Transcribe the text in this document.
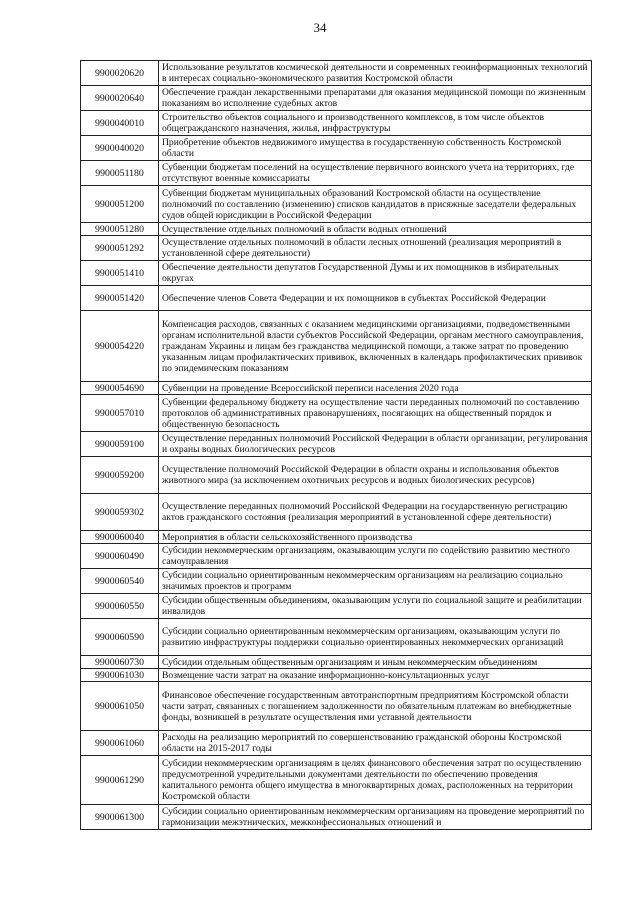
34
9900020620	Использование результатов космической деятельности и современных геоинформационных технологий в интересах социально-экономического развития Костромской области
9900020640	Обеспечение граждан лекарственными препаратами для оказания медицинской помощи по жизненным показаниям во исполнение судебных актов
9900040010	Строительство объектов социального и производственного комплексов, в том числе объектов общегражданского назначения, жилья, инфраструктуры
9900040020	Приобретение объектов недвижимого имущества в государственную собственность Костромской области
9900051180	Субвенции бюджетам поселений на осуществление первичного воинского учета на территориях, где отсутствуют военные комиссариаты
9900051200	Субвенции бюджетам муниципальных образований Костромской области на осуществление полномочий по составлению (изменению) списков кандидатов в присяжные заседатели федеральных судов общей юрисдикции в Российской Федерации
9900051280	Осуществление отдельных полномочий в области водных отношений
9900051292	Осуществление отдельных полномочий в области лесных отношений (реализация мероприятий в установленной сфере деятельности)
9900051410	Обеспечение деятельности депутатов Государственной Думы и их помощников в избирательных округах
9900051420	Обеспечение членов Совета Федерации и их помощников в субъектах Российской Федерации
9900054220	Компенсация расходов, связанных с оказанием медицинскими организациями, подведомственными органам исполнительной власти субъектов Российской Федерации, органам местного самоуправления, гражданам Украины и лицам без гражданства медицинской помощи, а также затрат по проведению указанным лицам профилактических прививок, включенных в календарь профилактических прививок по эпидемическим показаниям
9900054690	Субвенции на проведение Всероссийской переписи населения 2020 года
9900057010	Субвенции федеральному бюджету на осуществление части переданных полномочий по составлению протоколов об административных правонарушениях, посягающих на общественный порядок и общественную безопасность
9900059100	Осуществление переданных полномочий Российской Федерации в области организации, регулирования и охраны водных биологических ресурсов
9900059200	Осуществление полномочий Российской Федерации в области охраны и использования объектов животного мира (за исключением охотничьих ресурсов и водных биологических ресурсов)
9900059302	Осуществление переданных полномочий Российской Федерации на государственную регистрацию актов гражданского состояния (реализация мероприятий в установленной сфере деятельности)
9900060040	Мероприятия в области сельскохозяйственного производства
9900060490	Субсидии некоммерческим организациям, оказывающим услуги по содействию развитию местного самоуправления
9900060540	Субсидии социально ориентированным некоммерческим организациям на реализацию социально значимых проектов и программ
9900060550	Субсидии общественным объединениям, оказывающим услуги по социальной защите и реабилитации инвалидов
9900060590	Субсидии социально ориентированным некоммерческим организациям, оказывающим услуги по развитию инфраструктуры поддержки социально ориентированных некоммерческих организаций
9900060730	Субсидии отдельным общественным организациям и иным некоммерческим объединениям
9900061030	Возмещение части затрат на оказание информационно-консультационных услуг
9900061050	Финансовое обеспечение государственным автотранспортным предприятиям Костромской области части затрат, связанных с погашением задолженности по обязательным платежам во внебюджетные фонды, возникшей в результате осуществления ими уставной деятельности
9900061060	Расходы на реализацию мероприятий по совершенствованию гражданской обороны Костромской области на 2015-2017 годы
9900061290	Субсидии некоммерческим организациям в целях финансового обеспечения затрат по осуществлению предусмотренной учредительными документами деятельности по обеспечению проведения капитального ремонта общего имущества в многоквартирных домах, расположенных на территории Костромской области
9900061300	Субсидии социально ориентированным некоммерческим организациям на проведение мероприятий по гармонизации межэтнических, межконфессиональных отношений и
